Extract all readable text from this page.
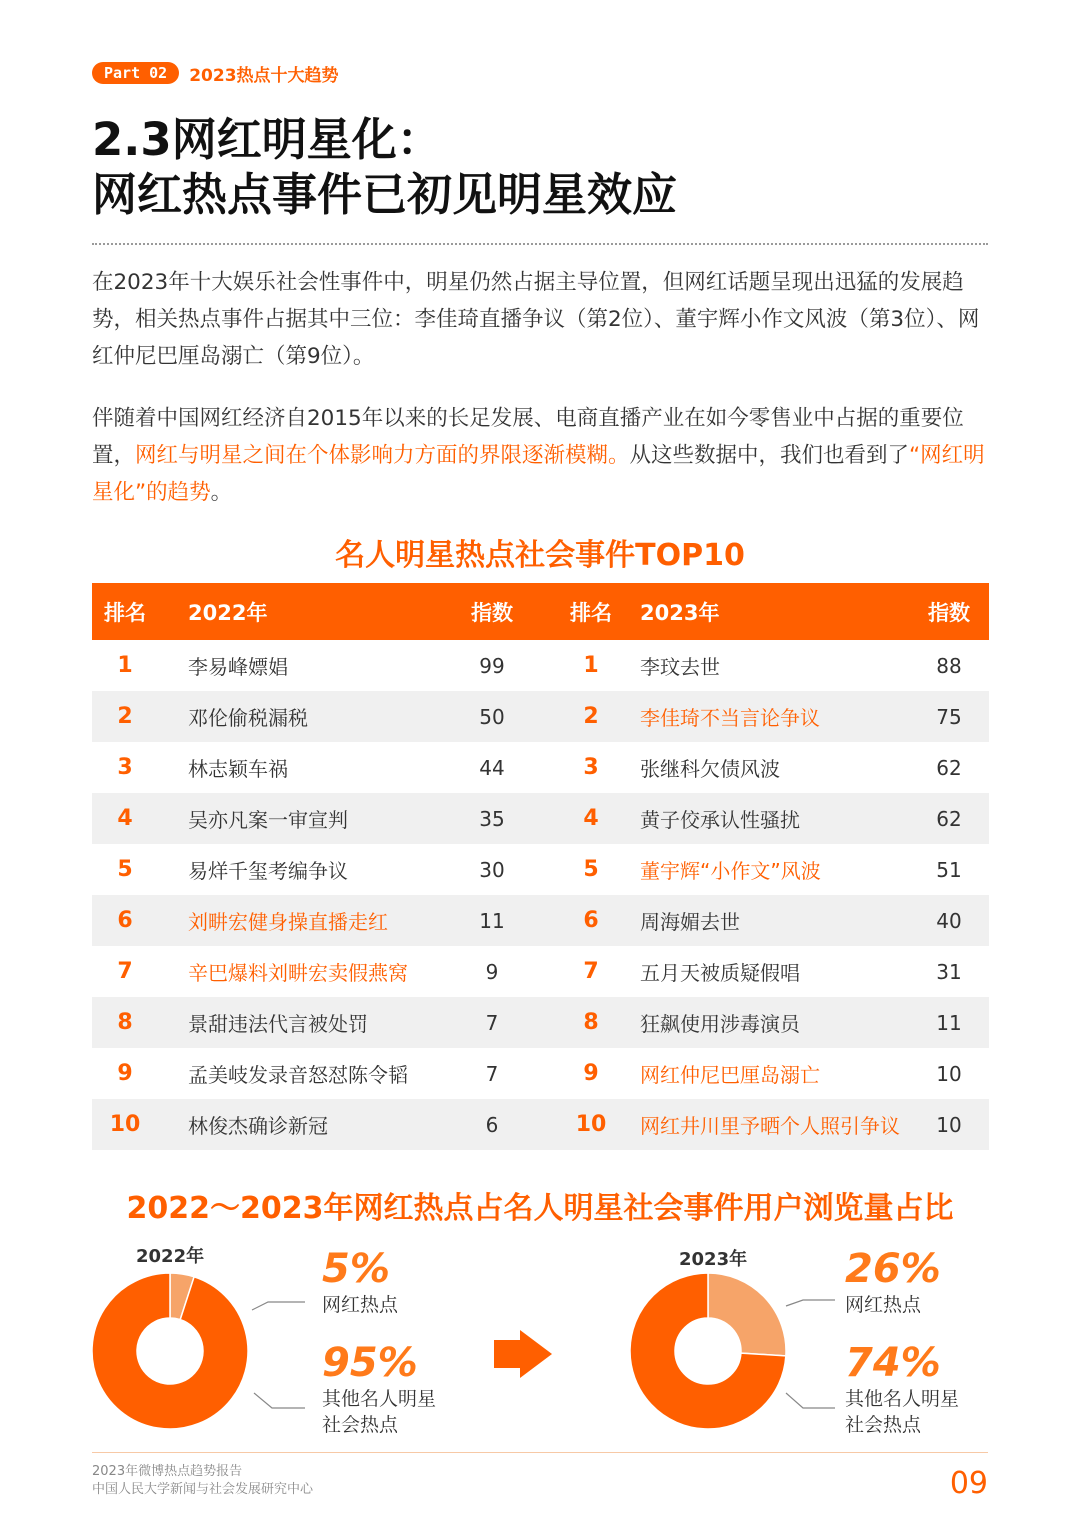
Part 02	2023热点十大趋势
2.3网红明星化：
网红热点事件已初见明星效应

在2023年十大娱乐社会性事件中，明星仍然占据主导位置，但网红话题呈现出迅猛的发展趋势，相关热点事件占据其中三位：李佳琦直播争议（第2位）、董宇辉小作文风波（第3位）、网红仲尼巴厘岛溺亡（第9位）。

伴随着中国网红经济自2015年以来的长足发展、电商直播产业在如今零售业中占据的重要位置，网红与明星之间在个体影响力方面的界限逐渐模糊。从这些数据中，我们也看到了“网红明星化”的趋势。

名人明星热点社会事件TOP10
排名	2022年	指数	排名	2023年	指数
1	李易峰嫖娼	99	1	李玟去世	88
2	邓伦偷税漏税	50	2	李佳琦不当言论争议	75
3	林志颖车祸	44	3	张继科欠债风波	62
4	吴亦凡案一审宣判	35	4	黄子佼承认性骚扰	62
5	易烊千玺考编争议	30	5	董宇辉“小作文”风波	51
6	刘畊宏健身操直播走红	11	6	周海媚去世	40
7	辛巴爆料刘畊宏卖假燕窝	9	7	五月天被质疑假唱	31
8	景甜违法代言被处罚	7	8	狂飙使用涉毒演员	11
9	孟美岐发录音怒怼陈令韬	7	9	网红仲尼巴厘岛溺亡	10
10	林俊杰确诊新冠	6	10	网红井川里予晒个人照引争议	10
2022～2023年网红热点占名人明星社会事件用户浏览量占比
2022年	2023年
5%
网红热点
95%
其他名人明星
社会热点
26%
网红热点
74%
其他名人明星
社会热点
2023年微博热点趋势报告
中国人民大学新闻与社会发展研究中心	09
